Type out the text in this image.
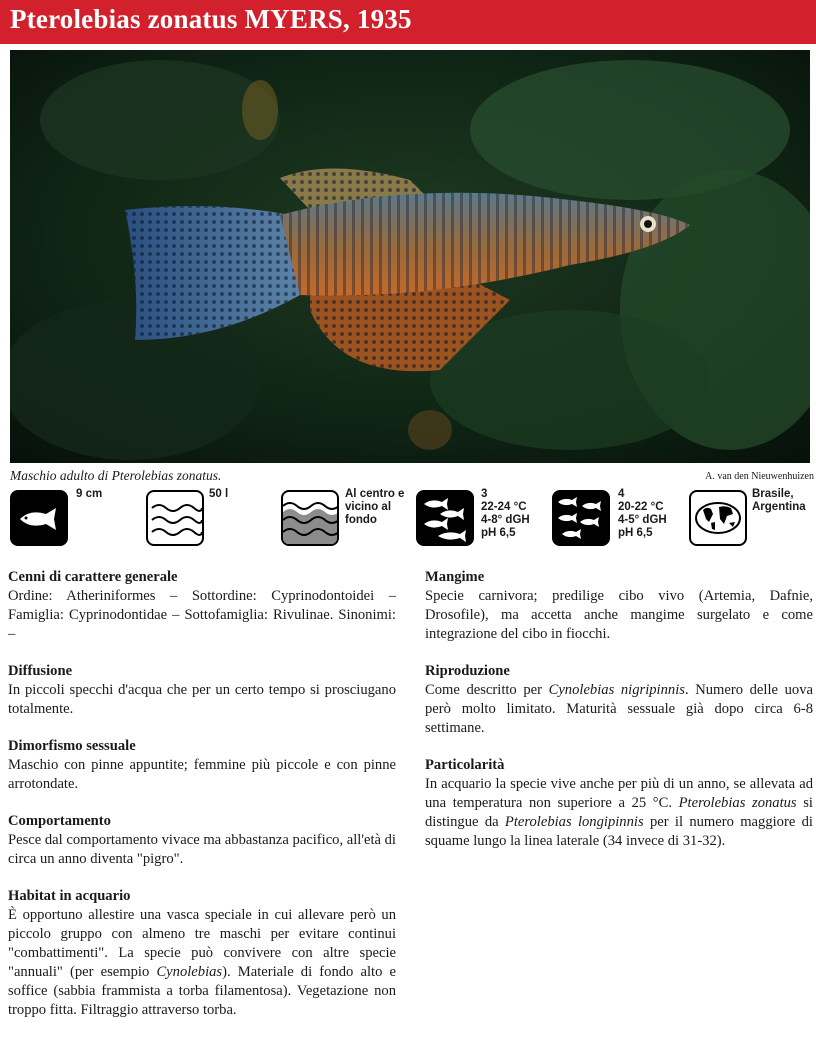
Pterolebias zonatus MYERS, 1935
Maschio adulto di Pterolebias zonatus.	A. van den Nieuwenhuizen
9 cm	50 l	Al centro e
vicino al
fondo
3
22-24 °C
4-8° dGH
pH 6,5
4
20-22 °C
4-5° dGH
pH 6,5
Brasile,
Argentina
Cenni di carattere generale

Ordine: Atheriniformes – Sottordine: Cyprinodontoidei – Famiglia: Cyprinodontidae – Sottofamiglia: Rivulinae. Sinonimi: –

Diffusione

In piccoli specchi d'acqua che per un certo tempo si prosciugano totalmente.

Dimorfismo sessuale

Maschio con pinne appuntite; femmine più piccole e con pinne arrotondate.

Comportamento

Pesce dal comportamento vivace ma abbastanza pacifico, all'età di circa un anno diventa "pigro".

Habitat in acquario

È opportuno allestire una vasca speciale in cui allevare però un piccolo gruppo con almeno tre maschi per evitare continui "combattimenti". La specie può convivere con altre specie "annuali" (per esempio Cynolebias). Materiale di fondo alto e soffice (sabbia frammista a torba filamentosa). Vegetazione non troppo fitta. Filtraggio attraverso torba.

Mangime

Specie carnivora; predilige cibo vivo (Artemia, Dafnie, Drosofile), ma accetta anche mangime surgelato e come integrazione del cibo in fiocchi.

Riproduzione

Come descritto per Cynolebias nigripinnis. Numero delle uova però molto limitato. Maturità sessuale già dopo circa 6-8 settimane.

Particolarità

In acquario la specie vive anche per più di un anno, se allevata ad una temperatura non superiore a 25 °C. Pterolebias zonatus si distingue da Pterolebias longipinnis per il numero maggiore di squame lungo la linea laterale (34 invece di 31-32).
